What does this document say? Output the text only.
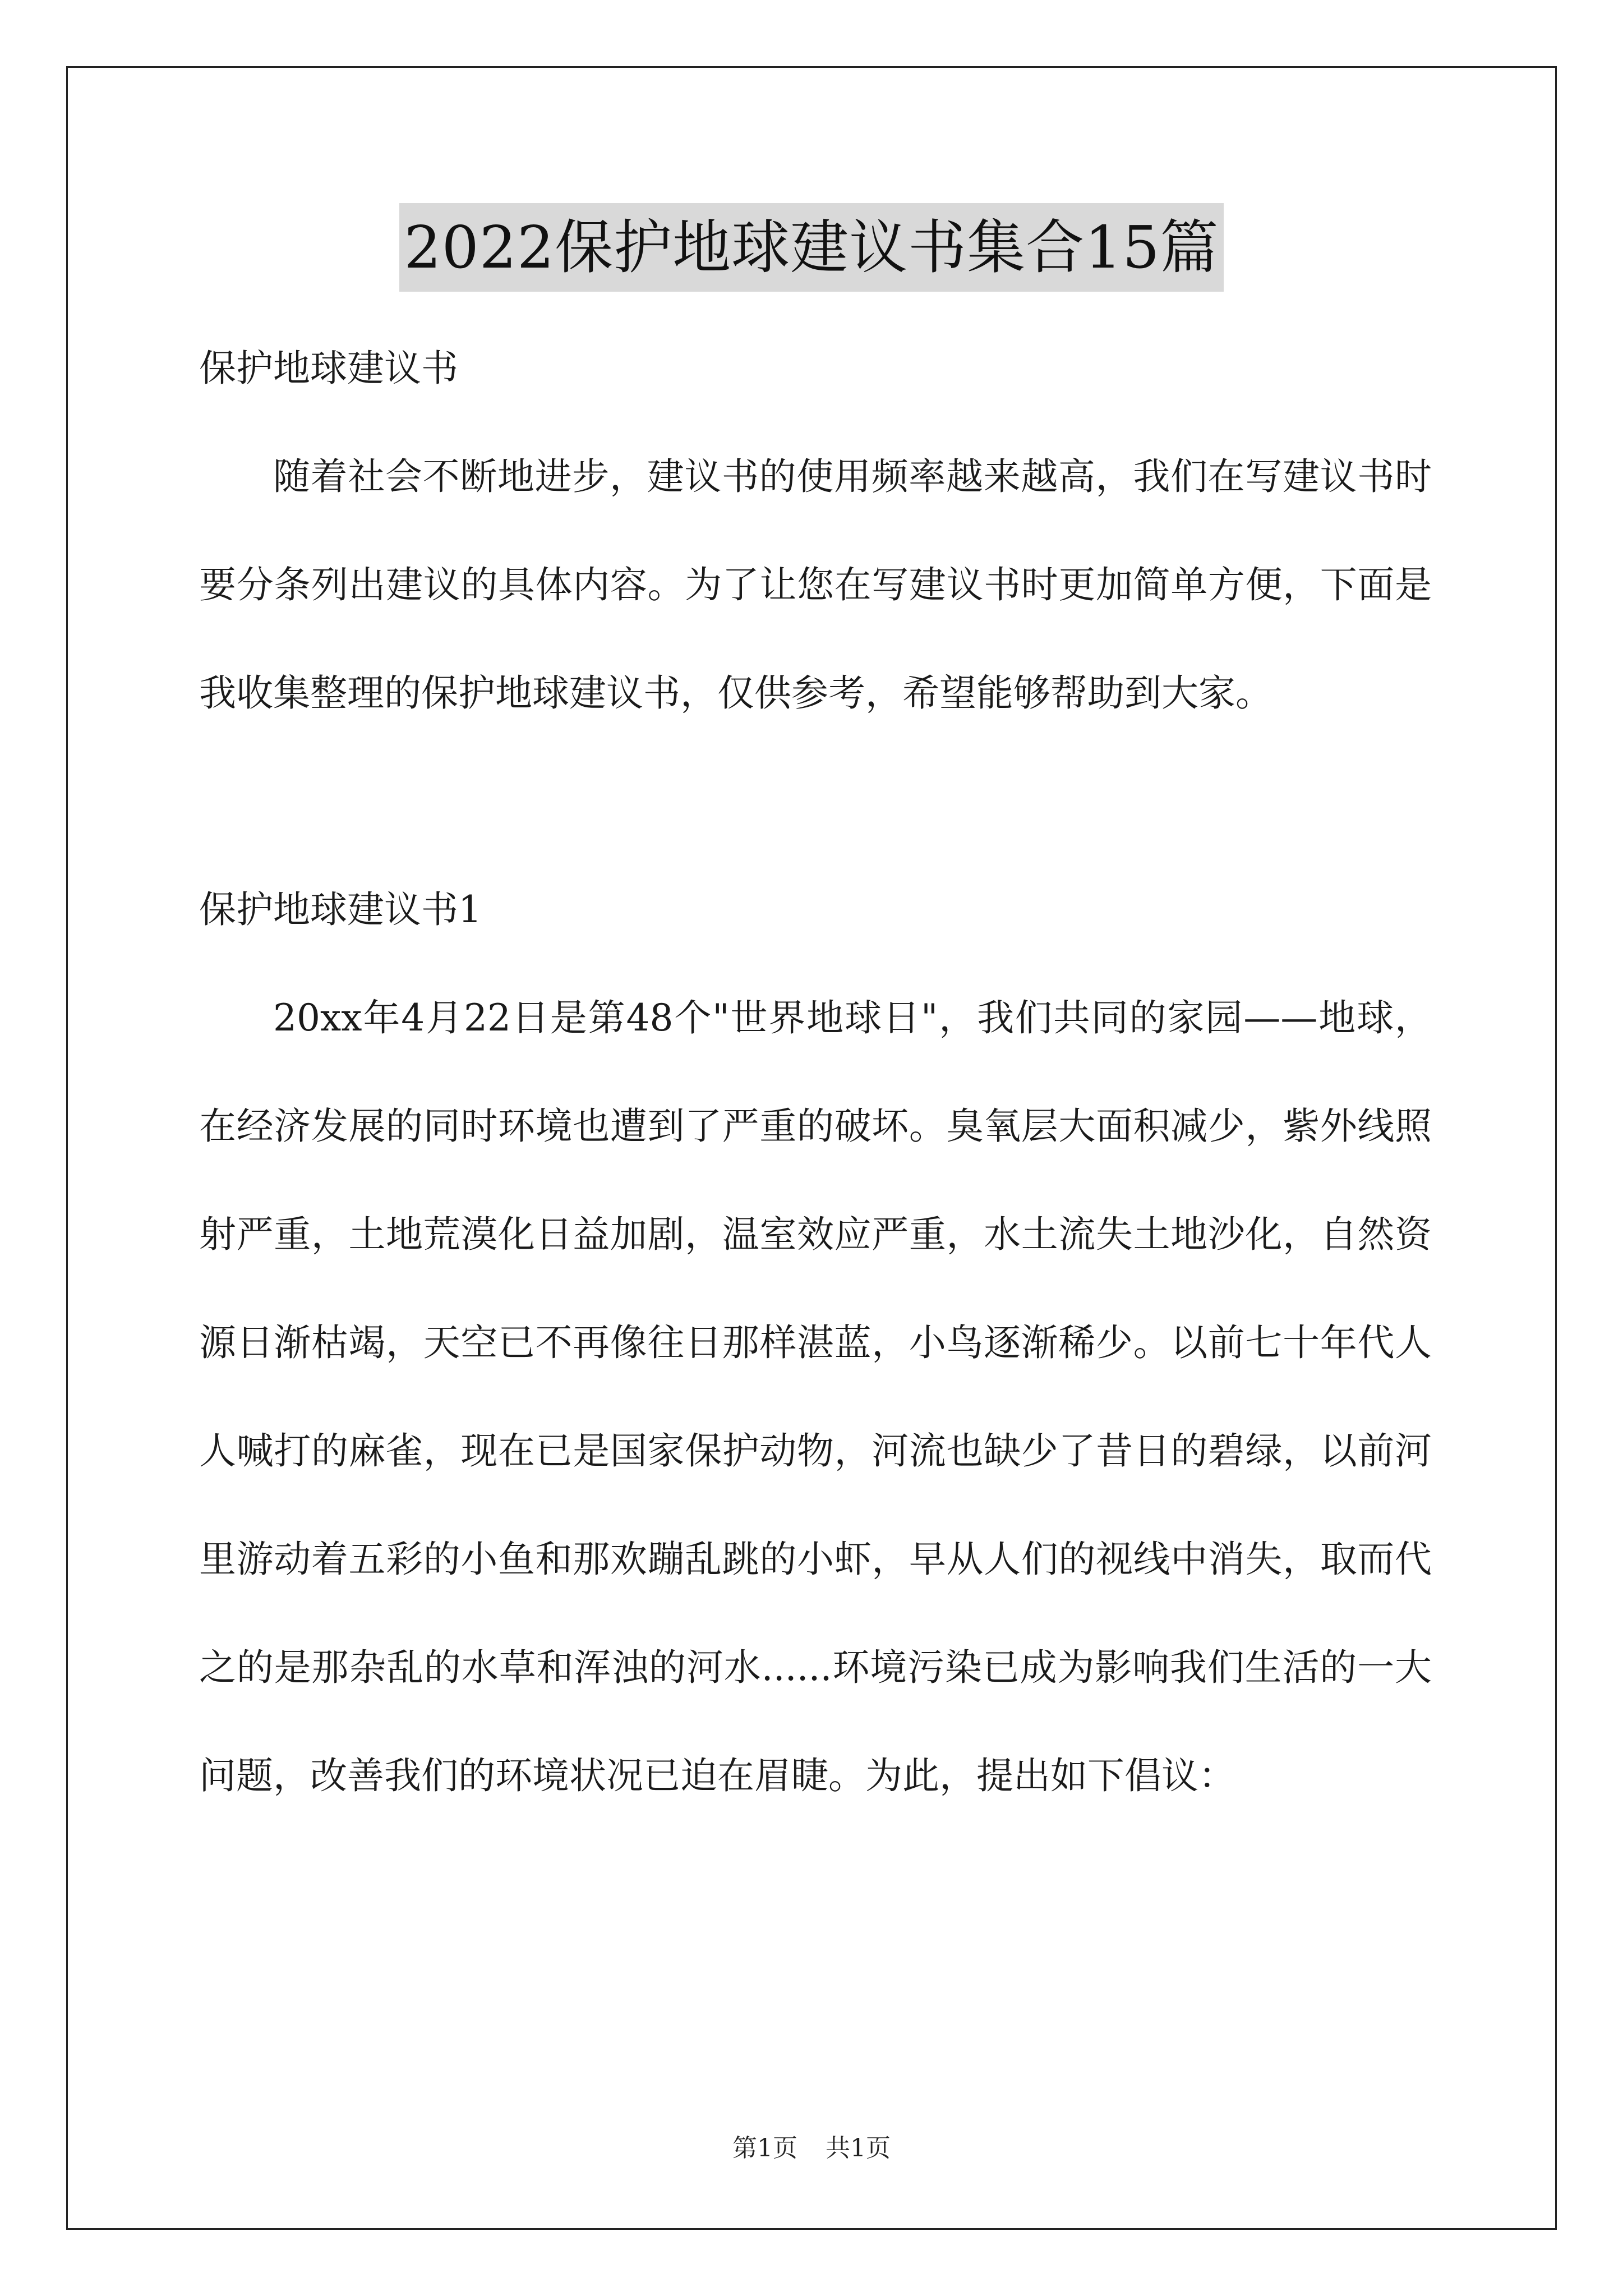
2022保护地球建议书集合15篇

保护地球建议书

随着社会不断地进步，建议书的使用频率越来越高，我们在写建议书时要分条列出建议的具体内容。为了让您在写建议书时更加简单方便，下面是我收集整理的保护地球建议书，仅供参考，希望能够帮助到大家。

保护地球建议书1

20xx年4月22日是第48个"世界地球日"，我们共同的家园——地球，在经济发展的同时环境也遭到了严重的破坏。臭氧层大面积减少，紫外线照射严重，土地荒漠化日益加剧，温室效应严重，水土流失土地沙化，自然资源日渐枯竭，天空已不再像往日那样湛蓝，小鸟逐渐稀少。以前七十年代人人喊打的麻雀，现在已是国家保护动物，河流也缺少了昔日的碧绿，以前河里游动着五彩的小鱼和那欢蹦乱跳的小虾，早从人们的视线中消失，取而代之的是那杂乱的水草和浑浊的河水......环境污染已成为影响我们生活的一大问题，改善我们的环境状况已迫在眉睫。为此，提出如下倡议：

第1页 共1页
